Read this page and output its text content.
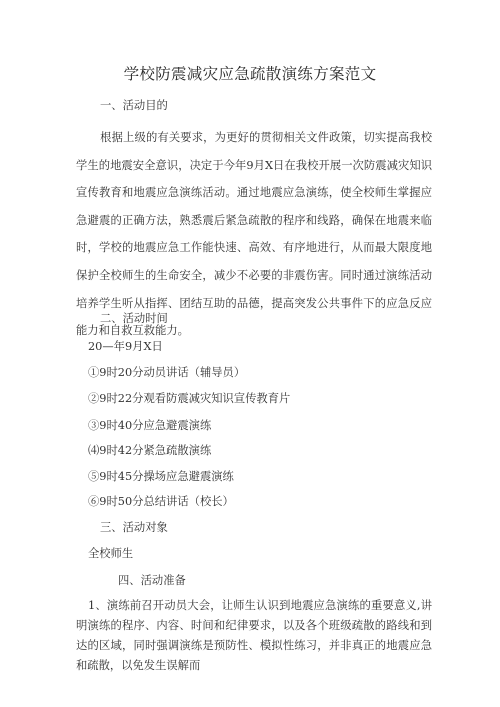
学校防震减灾应急疏散演练方案范文
一、活动目的
根据上级的有关要求，为更好的贯彻相关文件政策，切实提高我校学生的地震安全意识，决定于今年9月X日在我校开展一次防震减灾知识宣传教育和地震应急演练活动。通过地震应急演练，使全校师生掌握应急避震的正确方法，熟悉震后紧急疏散的程序和线路，确保在地震来临时，学校的地震应急工作能快速、高效、有序地进行，从而最大限度地保护全校师生的生命安全，减少不必要的非震伤害。同时通过演练活动培养学生听从指挥、团结互助的品德，提高突发公共事件下的应急反应能力和自救互救能力。
二、活动时间
20—年9月X日
①9时20分动员讲话（辅导员）
②9时22分观看防震减灾知识宣传教育片
③9时40分应急避震演练
⑷9时42分紧急疏散演练
⑤9时45分操场应急避震演练
⑥9时50分总结讲话（校长）
三、活动对象
全校师生
四、活动准备
1、演练前召开动员大会，让师生认识到地震应急演练的重要意义,讲明演练的程序、内容、时间和纪律要求，以及各个班级疏散的路线和到达的区域，同时强调演练是预防性、模拟性练习，并非真正的地震应急和疏散，以免发生误解而
